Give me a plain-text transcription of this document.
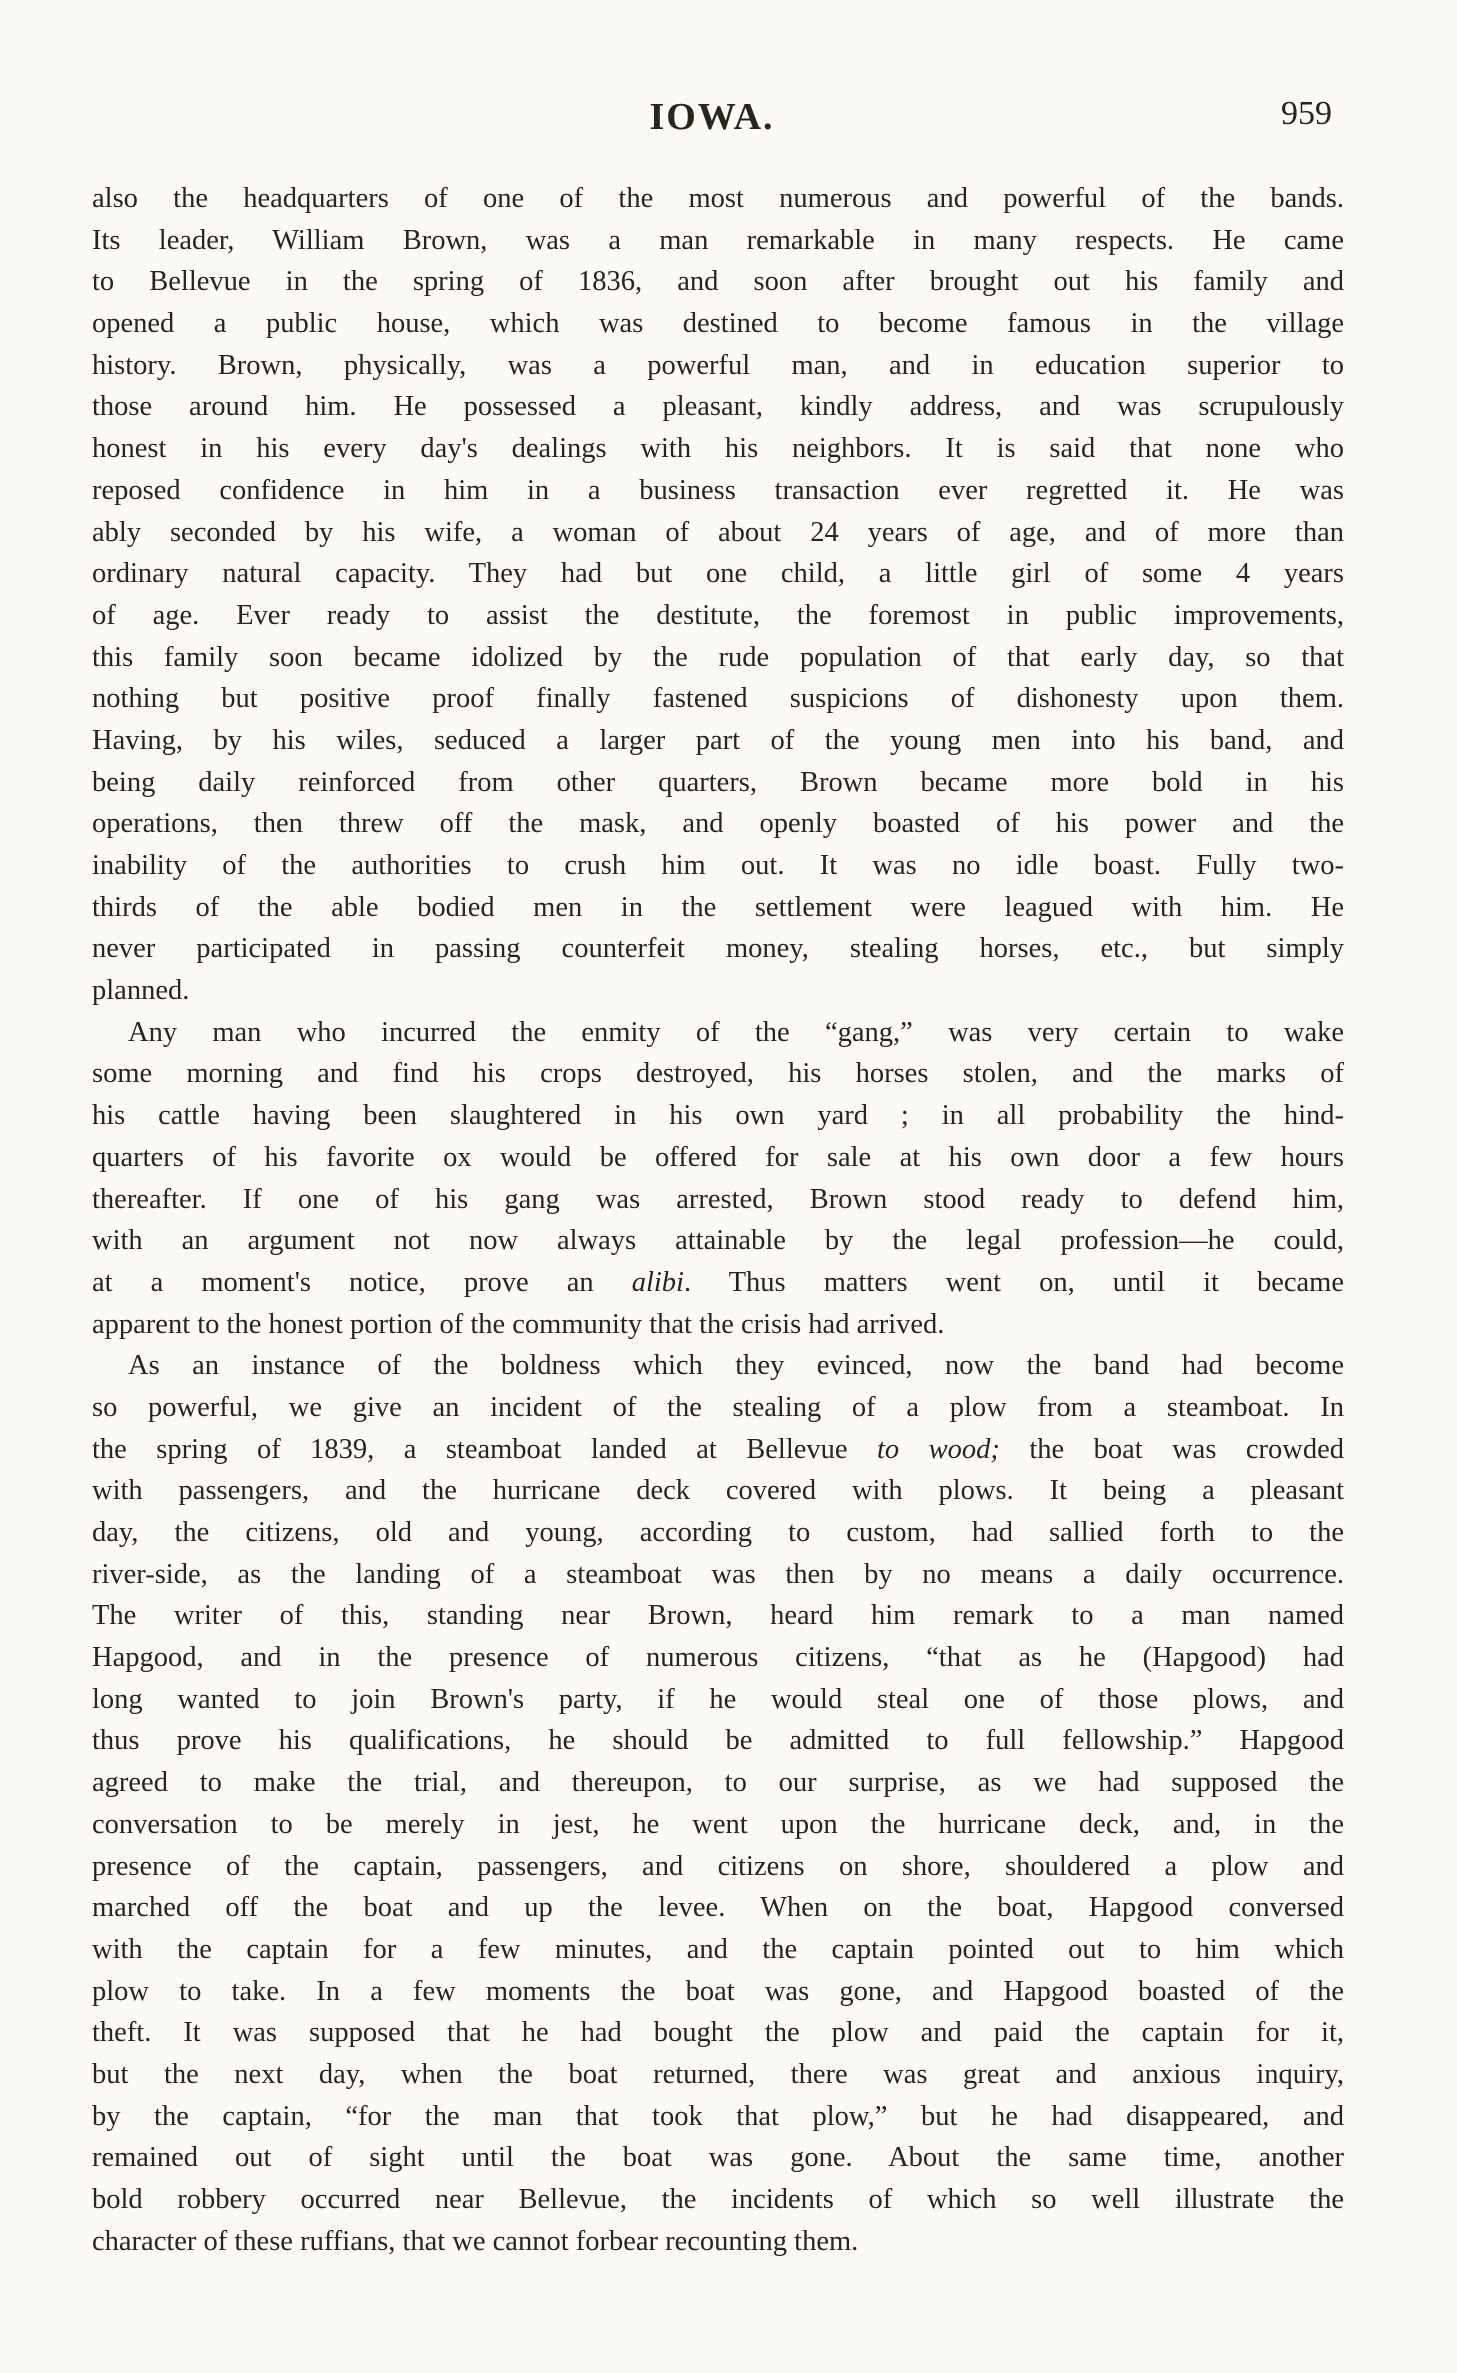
IOWA.	959
also the headquarters of one of the most numerous and powerful of the bands.
Its leader, William Brown, was a man remarkable in many respects. He came
to Bellevue in the spring of 1836, and soon after brought out his family and
opened a public house, which was destined to become famous in the village
history. Brown, physically, was a powerful man, and in education superior to
those around him. He possessed a pleasant, kindly address, and was scrupulously
honest in his every day's dealings with his neighbors. It is said that none who
reposed confidence in him in a business transaction ever regretted it. He was
ably seconded by his wife, a woman of about 24 years of age, and of more than
ordinary natural capacity. They had but one child, a little girl of some 4 years
of age. Ever ready to assist the destitute, the foremost in public improvements,
this family soon became idolized by the rude population of that early day, so that
nothing but positive proof finally fastened suspicions of dishonesty upon them.
Having, by his wiles, seduced a larger part of the young men into his band, and
being daily reinforced from other quarters, Brown became more bold in his
operations, then threw off the mask, and openly boasted of his power and the
inability of the authorities to crush him out. It was no idle boast. Fully two-
thirds of the able bodied men in the settlement were leagued with him. He
never participated in passing counterfeit money, stealing horses, etc., but simply
planned.
Any man who incurred the enmity of the “gang,” was very certain to wake
some morning and find his crops destroyed, his horses stolen, and the marks of
his cattle having been slaughtered in his own yard ; in all probability the hind-
quarters of his favorite ox would be offered for sale at his own door a few hours
thereafter. If one of his gang was arrested, Brown stood ready to defend him,
with an argument not now always attainable by the legal profession—he could,
at a moment's notice, prove an alibi. Thus matters went on, until it became
apparent to the honest portion of the community that the crisis had arrived.
As an instance of the boldness which they evinced, now the band had become
so powerful, we give an incident of the stealing of a plow from a steamboat. In
the spring of 1839, a steamboat landed at Bellevue to wood; the boat was crowded
with passengers, and the hurricane deck covered with plows. It being a pleasant
day, the citizens, old and young, according to custom, had sallied forth to the
river-side, as the landing of a steamboat was then by no means a daily occurrence.
The writer of this, standing near Brown, heard him remark to a man named
Hapgood, and in the presence of numerous citizens, “that as he (Hapgood) had
long wanted to join Brown's party, if he would steal one of those plows, and
thus prove his qualifications, he should be admitted to full fellowship.” Hapgood
agreed to make the trial, and thereupon, to our surprise, as we had supposed the
conversation to be merely in jest, he went upon the hurricane deck, and, in the
presence of the captain, passengers, and citizens on shore, shouldered a plow and
marched off the boat and up the levee. When on the boat, Hapgood conversed
with the captain for a few minutes, and the captain pointed out to him which
plow to take. In a few moments the boat was gone, and Hapgood boasted of the
theft. It was supposed that he had bought the plow and paid the captain for it,
but the next day, when the boat returned, there was great and anxious inquiry,
by the captain, “for the man that took that plow,” but he had disappeared, and
remained out of sight until the boat was gone. About the same time, another
bold robbery occurred near Bellevue, the incidents of which so well illustrate the
character of these ruffians, that we cannot forbear recounting them.
